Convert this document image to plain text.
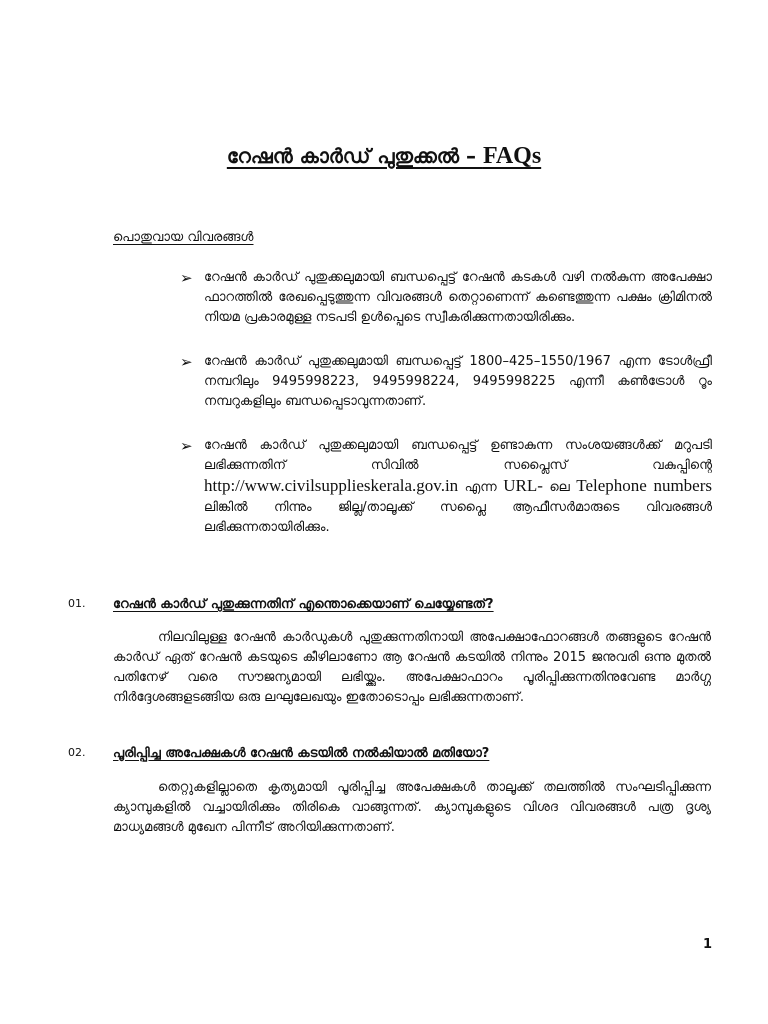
റേഷൻ കാർഡ് പുതുക്കൽ – FAQs
പൊതുവായ വിവരങ്ങൾ
➢ റേഷൻ കാർഡ് പുതുക്കലുമായി ബന്ധപ്പെട്ട് റേഷൻ കടകൾ വഴി നൽകുന്ന അപേക്ഷാ ഫാറത്തിൽ രേഖപ്പെടുത്തുന്ന വിവരങ്ങൾ തെറ്റാണെന്ന് കണ്ടെത്തുന്ന പക്ഷം ക്രിമിനൽ നിയമ പ്രകാരമുള്ള നടപടി ഉൾപ്പെടെ സ്വീകരിക്കുന്നതായിരിക്കും.
➢ റേഷൻ കാർഡ് പുതുക്കലുമായി ബന്ധപ്പെട്ട് 1800–425–1550/1967 എന്ന ടോൾഫ്രീ നമ്പറിലും 9495998223, 9495998224, 9495998225 എന്നീ കൺട്രോൾ റൂം നമ്പറുകളിലും ബന്ധപ്പെടാവുന്നതാണ്.
➢ റേഷൻ കാർഡ് പുതുക്കലുമായി ബന്ധപ്പെട്ട് ഉണ്ടാകുന്ന സംശയങ്ങൾക്ക് മറുപടി ലഭിക്കുന്നതിന് സിവിൽ സപ്ലൈസ് വകുപ്പിന്റെ http://www.civilsupplieskerala.gov.in എന്ന URL- ലെ Telephone numbers ലിങ്കിൽ നിന്നും ജില്ല/താലൂക്ക് സപ്ലൈ ആഫീസർമാരുടെ വിവരങ്ങൾ ലഭിക്കുന്നതായിരിക്കും.
01. റേഷൻ കാർഡ് പുതുക്കുന്നതിന് എന്തൊക്കെയാണ് ചെയ്യേണ്ടത്?
നിലവിലുള്ള റേഷൻ കാർഡുകൾ പുതുക്കുന്നതിനായി അപേക്ഷാഫോറങ്ങൾ തങ്ങളുടെ റേഷൻ കാർഡ് ഏത് റേഷൻ കടയുടെ കീഴിലാണോ ആ റേഷൻ കടയിൽ നിന്നും 2015 ജനുവരി ഒന്നു മുതൽ പതിനേഴ് വരെ സൗജന്യമായി ലഭിയ്ക്കും. അപേക്ഷാഫാറം പൂരിപ്പിക്കുന്നതിനുവേണ്ട മാർഗ്ഗ നിർദ്ദേശങ്ങളടങ്ങിയ ഒരു ലഘുലേഖയും ഇതോടൊപ്പം ലഭിക്കുന്നതാണ്.
02. പൂരിപ്പിച്ച അപേക്ഷകൾ റേഷൻ കടയിൽ നൽകിയാൽ മതിയോ?
തെറ്റുകളില്ലാതെ കൃത്യമായി പൂരിപ്പിച്ച അപേക്ഷകൾ താലൂക്ക് തലത്തിൽ സംഘടിപ്പിക്കുന്ന ക്യാമ്പുകളിൽ വച്ചായിരിക്കും തിരികെ വാങ്ങുന്നത്. ക്യാമ്പുകളുടെ വിശദ വിവരങ്ങൾ പത്ര ദൃശ്യ മാധ്യമങ്ങൾ മുഖേന പിന്നീട് അറിയിക്കുന്നതാണ്.
1
